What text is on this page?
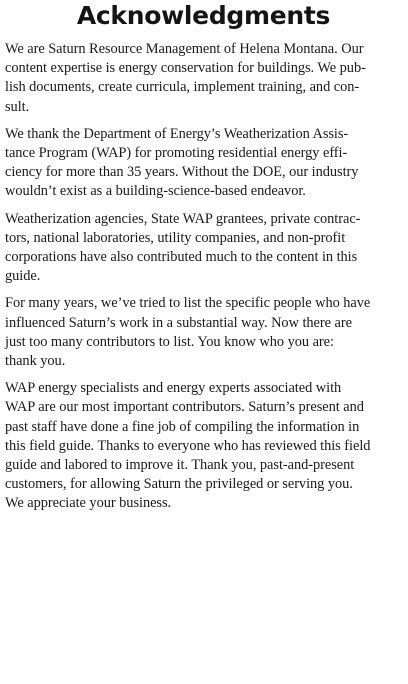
Acknowledgments

We are Saturn Resource Management of Helena Montana. Our
content expertise is energy conservation for buildings. We pub-
lish documents, create curricula, implement training, and con-
sult.

We thank the Department of Energy’s Weatherization Assis-
tance Program (WAP) for promoting residential energy effi-
ciency for more than 35 years. Without the DOE, our industry
wouldn’t exist as a building-science-based endeavor.

Weatherization agencies, State WAP grantees, private contrac-
tors, national laboratories, utility companies, and non-profit
corporations have also contributed much to the content in this
guide.

For many years, we’ve tried to list the specific people who have
influenced Saturn’s work in a substantial way. Now there are
just too many contributors to list. You know who you are:
thank you.

WAP energy specialists and energy experts associated with
WAP are our most important contributors. Saturn’s present and
past staff have done a fine job of compiling the information in
this field guide. Thanks to everyone who has reviewed this field
guide and labored to improve it. Thank you, past-and-present
customers, for allowing Saturn the privileged or serving you.
We appreciate your business.
